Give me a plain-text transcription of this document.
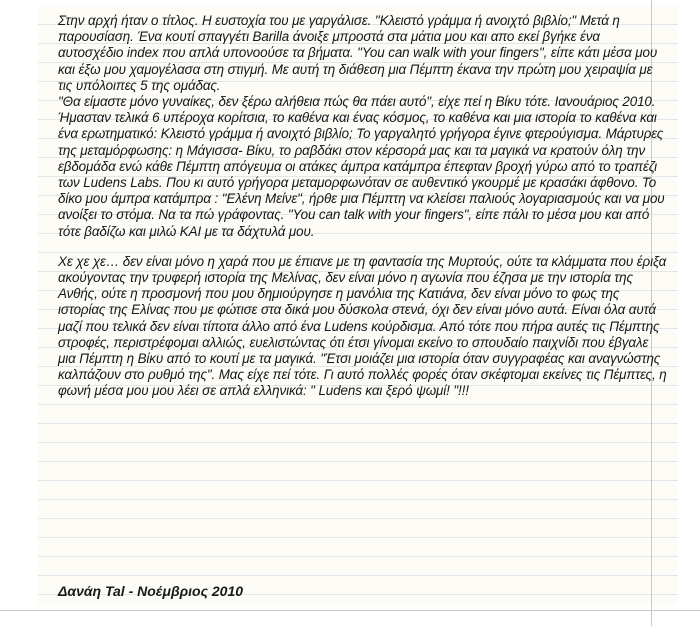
Στην αρχή ήταν ο τίτλος. Η ευστοχία του με γαργάλισε. "Κλειστό γράμμα ή ανοιχτό βιβλίο;" Μετά η παρουσίαση. Ένα κουτί σπαγγέτι Barilla άνοιξε μπροστά στα μάτια μου και απο εκεί βγήκε ένα αυτοσχέδιο index που απλά υπονοούσε τα βήματα. "You can walk with your fingers", είπε κάτι μέσα μου και έξω μου χαμογέλασα στη στιγμή. Με αυτή τη διάθεση μια Πέμπτη έκανα την πρώτη μου χειραψία με τις υπόλοιπες 5 της ομάδας.

"Θα είμαστε μόνο γυναίκες, δεν ξέρω αλήθεια πώς θα πάει αυτό", είχε πεί η Βίκυ τότε. Ιανουάριος 2010. Ήμασταν τελικά 6 υπέροχα κορίτσια, το καθένα και ένας κόσμος, το καθένα και μια ιστορία το καθένα και ένα ερωτηματικό: Κλειστό γράμμα ή ανοιχτό βιβλίο; Το γαργαλητό γρήγορα έγινε φτερούγισμα. Μάρτυρες της μεταμόρφωσης: η Μάγισσα- Βίκυ, το ραβδάκι στον κέρσορά μας και τα μαγικά να κρατούν όλη την εβδομάδα ενώ κάθε Πέμπτη απόγευμα οι ατάκες άμπρα κατάμπρα έπεφταν βροχή γύρω από το τραπέζι των Ludens Labs. Που κι αυτό γρήγορα μεταμορφωνόταν σε αυθεντικό γκουρμέ με κρασάκι άφθονο. Το δίκο μου άμπρα κατάμπρα : "Ελένη Μείνε", ήρθε μια Πέμπτη να κλείσει παλιούς λογαριασμούς και να μου ανοίξει το στόμα. Να τα πώ γράφοντας. "You can talk with your fingers", είπε πάλι το μέσα μου και από τότε βαδίζω και μιλώ ΚΑΙ με τα δάχτυλά μου.

Χε χε χε… δεν είναι μόνο η χαρά που με έπιανε με τη φαντασία της Μυρτούς, ούτε τα κλάμματα που έριξα ακούγοντας την τρυφερή ιστορία της Μελίνας, δεν είναι μόνο η αγωνία που έζησα με την ιστορία της Ανθής, ούτε η προσμονή που μου δημιούργησε η μανόλια της Κατιάνα, δεν είναι μόνο το φως της ιστορίας της Ελίνας που με φώτισε στα δικά μου δύσκολα στενά, όχι δεν είναι μόνο αυτά. Είναι όλα αυτά μαζί που τελικά δεν είναι τίποτα άλλο από ένα Ludens κούρδισμα. Από τότε που πήρα αυτές τις Πέμπτης στροφές, περιστρέφομαι αλλιώς, ευελιστώντας ότι έτσι γίνομαι εκείνο το σπουδαίο παιχνίδι που έβγαλε μια Πέμπτη η Βίκυ από το κουτί με τα μαγικά. "Έτσι μοιάζει μια ιστορία όταν συγγραφέας και αναγνώστης καλπάζουν στο ρυθμό της". Μας είχε πεί τότε. Γι αυτό πολλές φορές όταν σκέφτομαι εκείνες τις Πέμπτες, η φωνή μέσα μου μου λέει σε απλά ελληνικά: " Ludens και ξερό ψωμί! "!!!

Δανάη Tal - Νοέμβριος 2010
